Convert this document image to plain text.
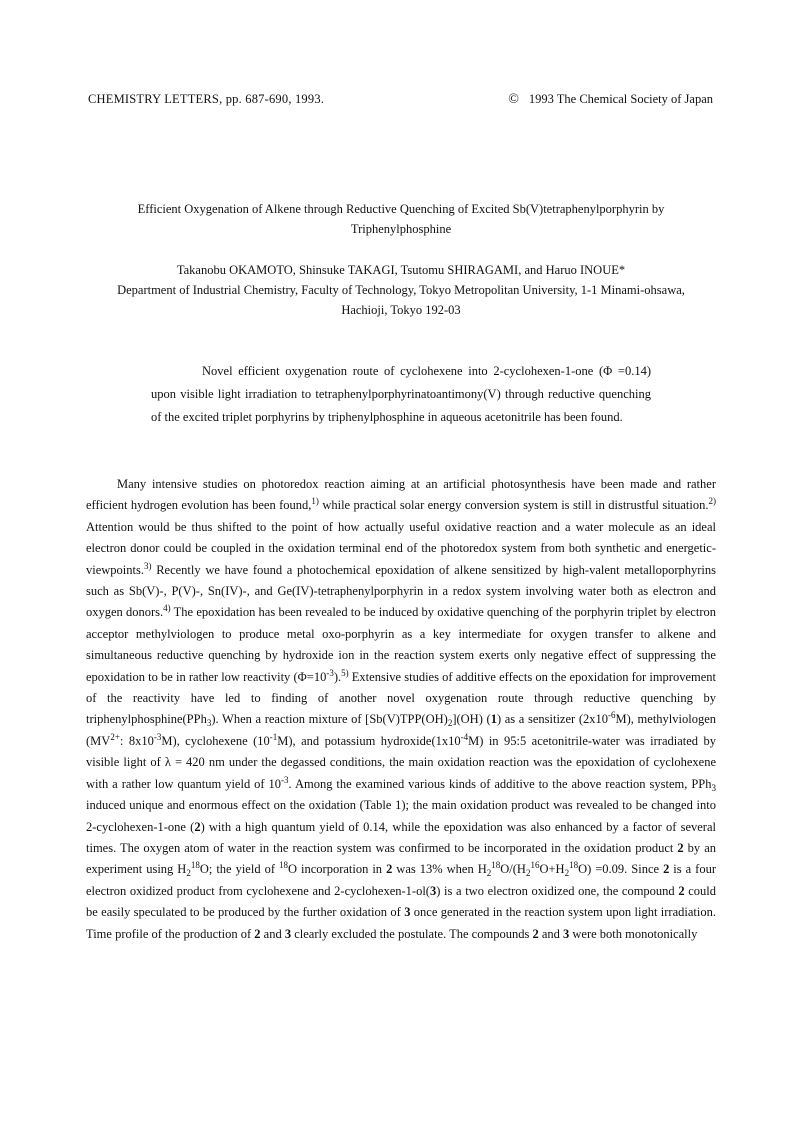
CHEMISTRY LETTERS, pp. 687-690, 1993.	© 1993 The Chemical Society of Japan
Efficient Oxygenation of Alkene through Reductive Quenching of Excited Sb(V)tetraphenylporphyrin by
Triphenylphosphine
Takanobu OKAMOTO, Shinsuke TAKAGI, Tsutomu SHIRAGAMI, and Haruo INOUE*
Department of Industrial Chemistry, Faculty of Technology, Tokyo Metropolitan University, 1-1 Minami-ohsawa,
Hachioji, Tokyo 192-03
Novel efficient oxygenation route of cyclohexene into 2-cyclohexen-1-one (Φ =0.14) upon visible light irradiation to tetraphenylporphyrinatoantimony(V) through reductive quenching of the excited triplet porphyrins by triphenylphosphine in aqueous acetonitrile has been found.
Many intensive studies on photoredox reaction aiming at an artificial photosynthesis have been made and rather efficient hydrogen evolution has been found,$^{1)}$ while practical solar energy conversion system is still in distrustful situation.$^{2)}$ Attention would be thus shifted to the point of how actually useful oxidative reaction and a water molecule as an ideal electron donor could be coupled in the oxidation terminal end of the photoredox system from both synthetic and energetic-viewpoints.$^{3)}$ Recently we have found a photochemical epoxidation of alkene sensitized by high-valent metalloporphyrins such as Sb(V)-, P(V)-, Sn(IV)-, and Ge(IV)-tetraphenylporphyrin in a redox system involving water both as electron and oxygen donors.$^{4)}$ The epoxidation has been revealed to be induced by oxidative quenching of the porphyrin triplet by electron acceptor methylviologen to produce metal oxo-porphyrin as a key intermediate for oxygen transfer to alkene and simultaneous reductive quenching by hydroxide ion in the reaction system exerts only negative effect of suppressing the epoxidation to be in rather low reactivity $(\Phi=10^{-3}).^{5)}$ Extensive studies of additive effects on the epoxidation for improvement of the reactivity have led to finding of another novel oxygenation route through reductive quenching by triphenylphosphine(PPh$_3$). When a reaction mixture of $[Sb(V)TPP(OH)_2](OH)$ (1) as a sensitizer $(2x10^{-6}M)$, methylviologen ($MV^{2+}$: $8x10^{-3}M$), cyclohexene $(10^{-1}M)$, and potassium $hydroxide(1x10^{-4}M)$ in 95:5 acetonitrile-water was irradiated by visible light of λ = 420 nm under the degassed conditions, the main oxidation reaction was the epoxidation of cyclohexene with a rather low quantum yield of $10^{-3}$. Among the examined various kinds of additive to the above reaction system, PPh$_3$ induced unique and enormous effect on the oxidation (Table 1); the main oxidation product was revealed to be changed into 2-cyclohexen-1-one (2) with a high quantum yield of 0.14, while the epoxidation was also enhanced by a factor of several times. The oxygen atom of water in the reaction system was confirmed to be incorporated in the oxidation product 2 by an experiment using $H_2^{18}O$; the yield of $^{18}$O incorporation in 2 was 13% when $H_2^{18}O/(H_2^{16}O+H_2^{18}O) =0.09$. Since 2 is a four electron oxidized product from cyclohexene and 2-cyclohexen-1-ol(3) is a two electron oxidized one, the compound 2 could be easily speculated to be produced by the further oxidation of 3 once generated in the reaction system upon light irradiation. Time profile of the production of 2 and 3 clearly excluded the postulate. The compounds 2 and 3 were both monotonically
